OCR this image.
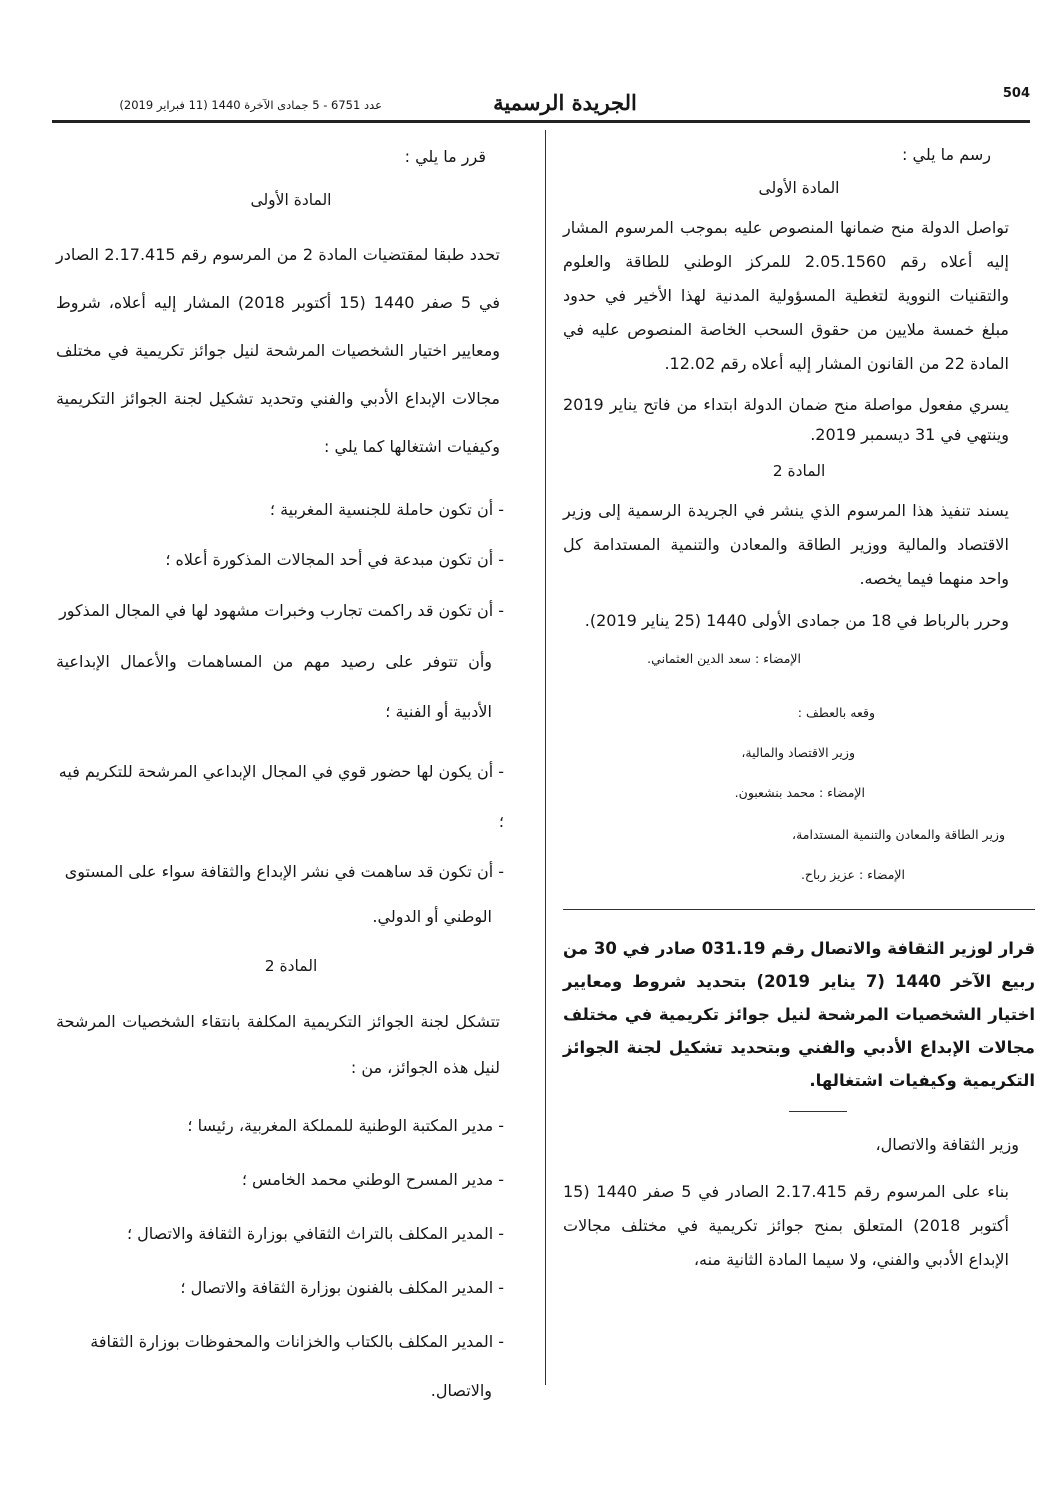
504
الجريدة الرسمية
عدد 6751 - 5 جمادى الآخرة 1440 (11 فبراير 2019)
رسم ما يلي :
المادة الأولى
تواصل الدولة منح ضمانها المنصوص عليه بموجب المرسوم المشار إليه أعلاه رقم 2.05.1560 للمركز الوطني للطاقة والعلوم والتقنيات النووية لتغطية المسؤولية المدنية لهذا الأخير في حدود مبلغ خمسة ملايين من حقوق السحب الخاصة المنصوص عليه في المادة 22 من القانون المشار إليه أعلاه رقم 12.02.
يسري مفعول مواصلة منح ضمان الدولة ابتداء من فاتح يناير 2019 وينتهي في 31 ديسمبر 2019.
المادة 2
يسند تنفيذ هذا المرسوم الذي ينشر في الجريدة الرسمية إلى وزير الاقتصاد والمالية ووزير الطاقة والمعادن والتنمية المستدامة كل واحد منهما فيما يخصه.
وحرر بالرباط في 18 من جمادى الأولى 1440 (25 يناير 2019).
الإمضاء : سعد الدين العثماني.
وقعه بالعطف :
وزير الاقتصاد والمالية،
الإمضاء : محمد بنشعبون.
وزير الطاقة والمعادن والتنمية المستدامة،
الإمضاء : عزيز رباح.
قرار لوزير الثقافة والاتصال رقم 031.19 صادر في 30 من ربيع الآخر 1440 (7 يناير 2019) بتحديد شروط ومعايير اختيار الشخصيات المرشحة لنيل جوائز تكريمية في مختلف مجالات الإبداع الأدبي والفني وبتحديد تشكيل لجنة الجوائز التكريمية وكيفيات اشتغالها.
وزير الثقافة والاتصال،
بناء على المرسوم رقم 2.17.415 الصادر في 5 صفر 1440 (15 أكتوبر 2018) المتعلق بمنح جوائز تكريمية في مختلف مجالات الإبداع الأدبي والفني، ولا سيما المادة الثانية منه،
قرر ما يلي :
المادة الأولى
تحدد طبقا لمقتضيات المادة 2 من المرسوم رقم 2.17.415 الصادر في 5 صفر 1440 (15 أكتوبر 2018) المشار إليه أعلاه، شروط ومعايير اختيار الشخصيات المرشحة لنيل جوائز تكريمية في مختلف مجالات الإبداع الأدبي والفني وتحديد تشكيل لجنة الجوائز التكريمية وكيفيات اشتغالها كما يلي :
- أن تكون حاملة للجنسية المغربية ؛
- أن تكون مبدعة في أحد المجالات المذكورة أعلاه ؛
- أن تكون قد راكمت تجارب وخبرات مشهود لها في المجال المذكور
وأن تتوفر على رصيد مهم من المساهمات والأعمال الإبداعية الأدبية أو الفنية ؛
- أن يكون لها حضور قوي في المجال الإبداعي المرشحة للتكريم فيه ؛
- أن تكون قد ساهمت في نشر الإبداع والثقافة سواء على المستوى
الوطني أو الدولي.
المادة 2
تتشكل لجنة الجوائز التكريمية المكلفة بانتقاء الشخصيات المرشحة لنيل هذه الجوائز، من :
- مدير المكتبة الوطنية للمملكة المغربية، رئيسا ؛
- مدير المسرح الوطني محمد الخامس ؛
- المدير المكلف بالتراث الثقافي بوزارة الثقافة والاتصال ؛
- المدير المكلف بالفنون بوزارة الثقافة والاتصال ؛
- المدير المكلف بالكتاب والخزانات والمحفوظات بوزارة الثقافة
والاتصال.
